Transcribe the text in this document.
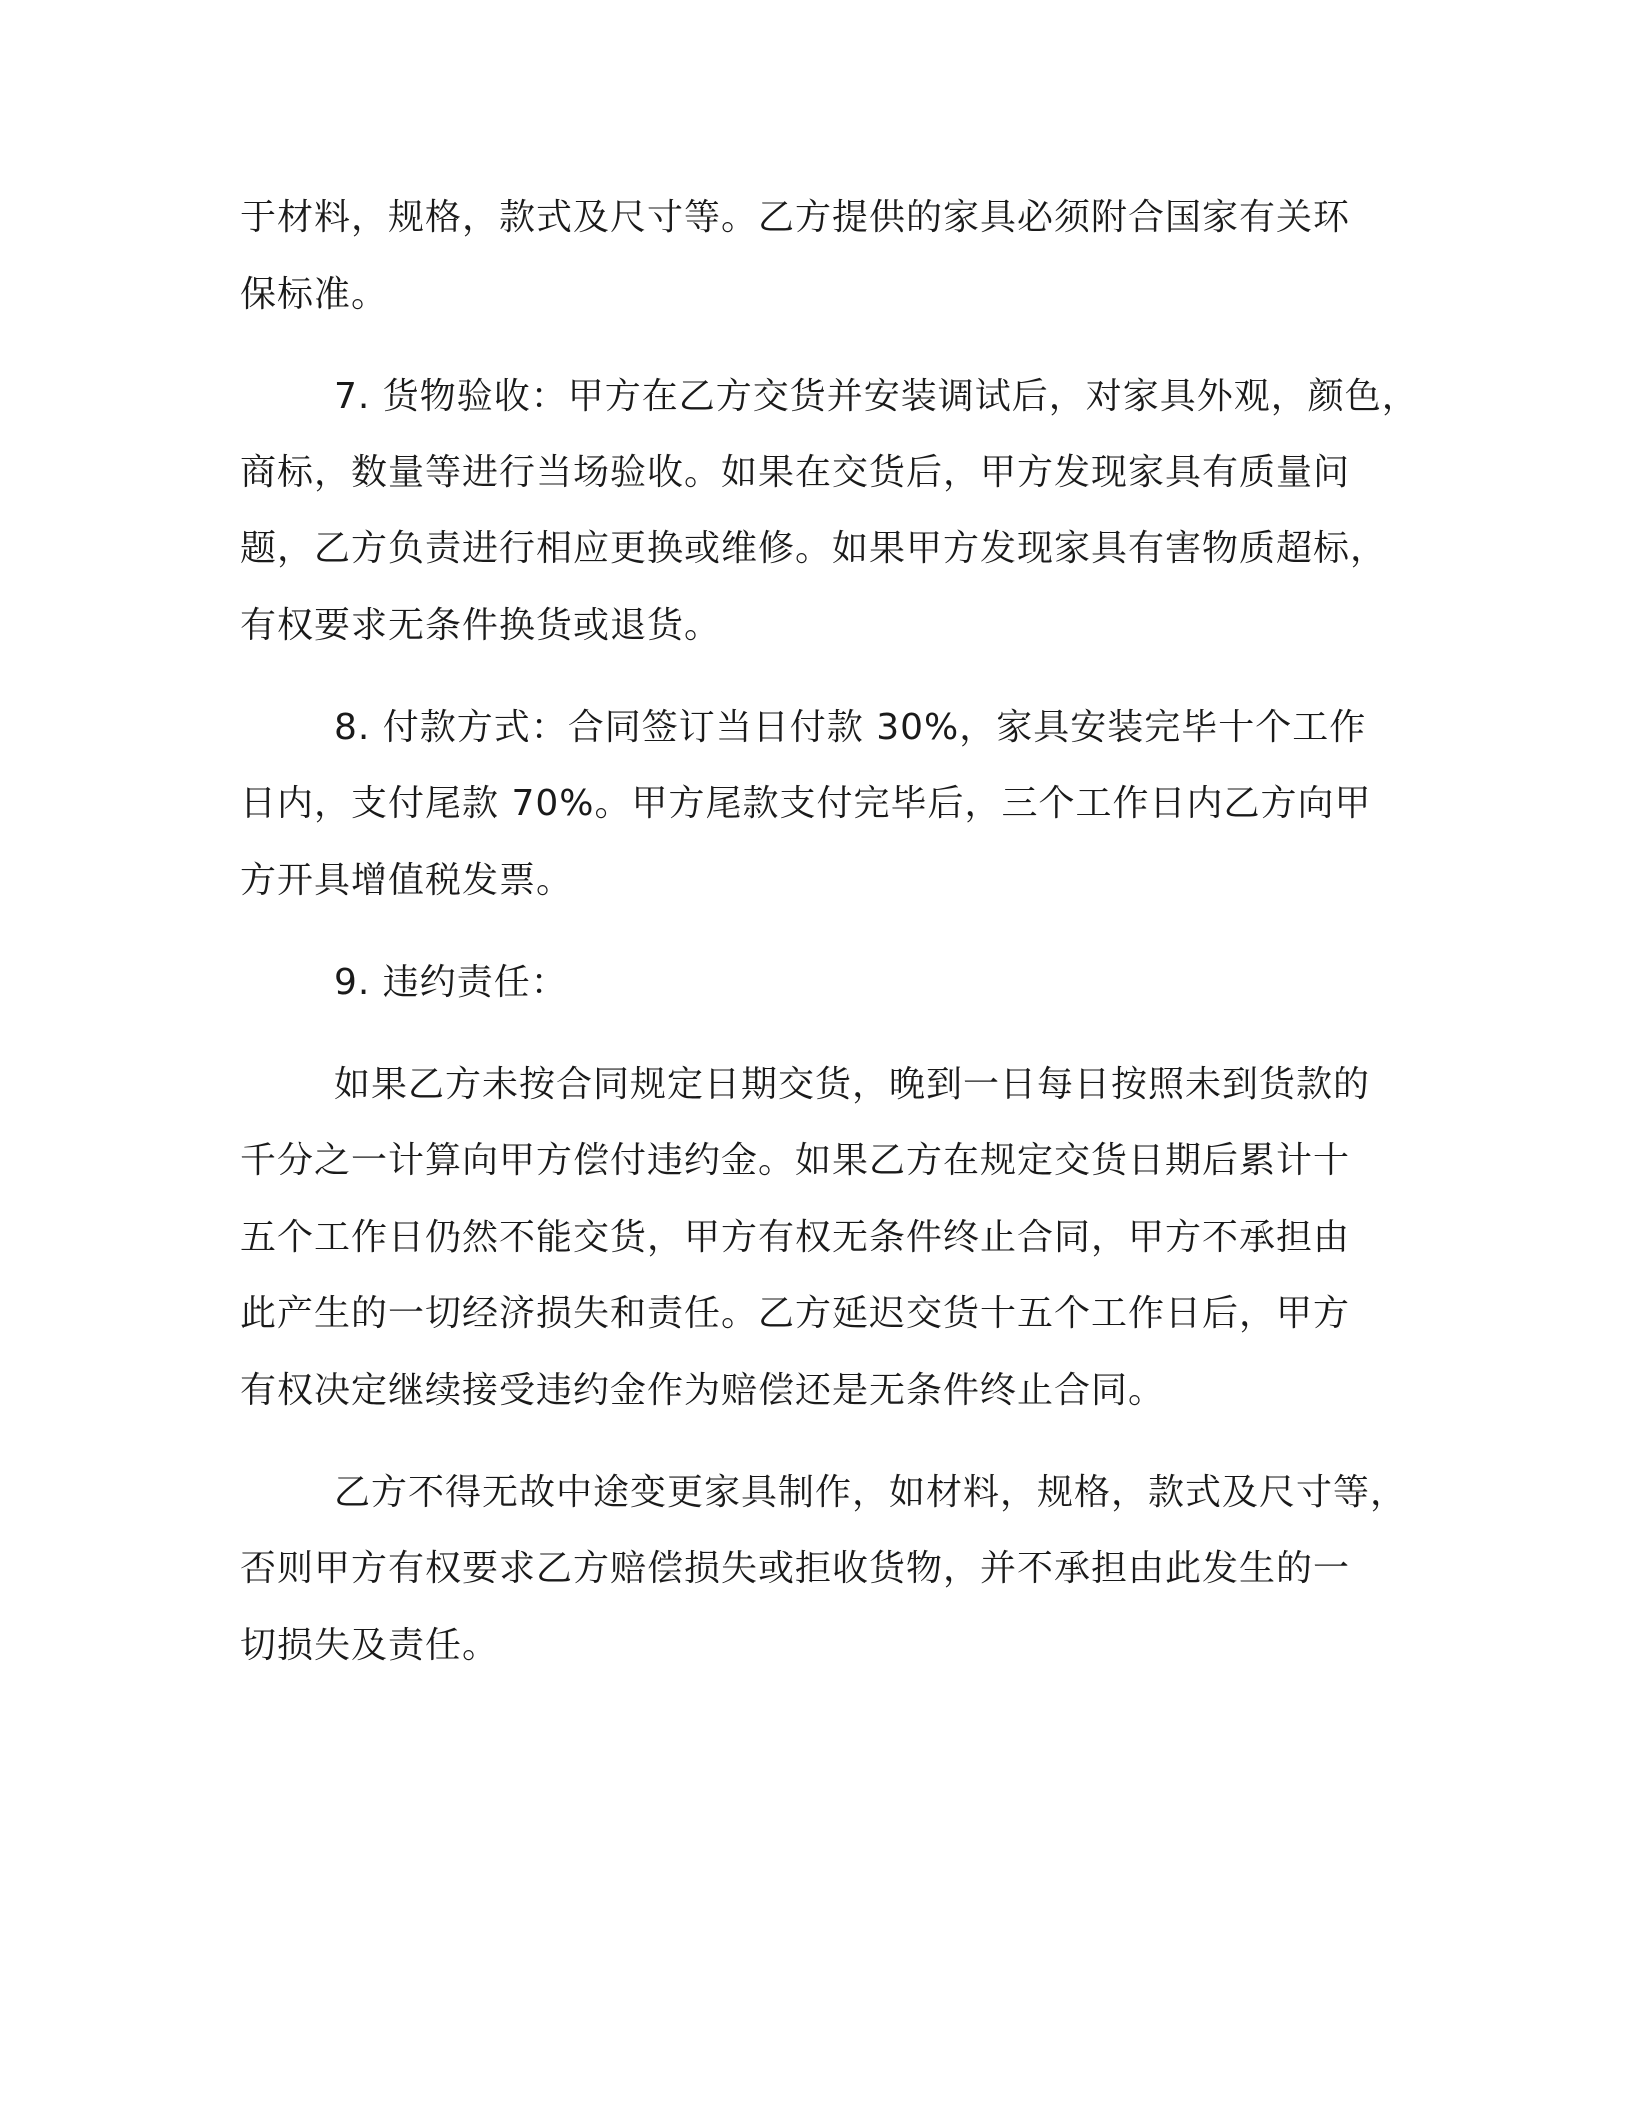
于材料，规格，款式及尺寸等。乙方提供的家具必须附合国家有关环
保标准。
7. 货物验收：甲方在乙方交货并安装调试后，对家具外观，颜色，
商标，数量等进行当场验收。如果在交货后，甲方发现家具有质量问
题，乙方负责进行相应更换或维修。如果甲方发现家具有害物质超标，
有权要求无条件换货或退货。
8. 付款方式：合同签订当日付款 30%，家具安装完毕十个工作
日内，支付尾款 70%。甲方尾款支付完毕后，三个工作日内乙方向甲
方开具增值税发票。
9. 违约责任：
如果乙方未按合同规定日期交货，晚到一日每日按照未到货款的
千分之一计算向甲方偿付违约金。如果乙方在规定交货日期后累计十
五个工作日仍然不能交货，甲方有权无条件终止合同，甲方不承担由
此产生的一切经济损失和责任。乙方延迟交货十五个工作日后，甲方
有权决定继续接受违约金作为赔偿还是无条件终止合同。
乙方不得无故中途变更家具制作，如材料，规格，款式及尺寸等，
否则甲方有权要求乙方赔偿损失或拒收货物，并不承担由此发生的一
切损失及责任。
